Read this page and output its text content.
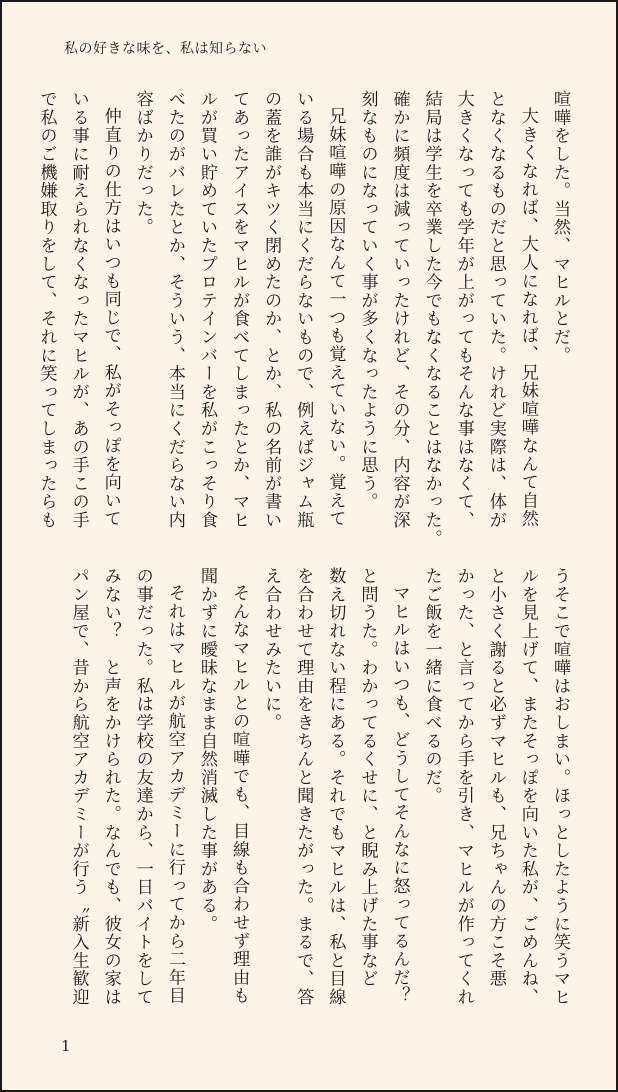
私の好きな味を、私は知らない

喧嘩をした。当然、マヒルとだ。

大きくなれば、大人になれば、兄妹喧嘩なんて自然

となくなるものだと思っていた。けれど実際は、体が

大きくなっても学年が上がってもそんな事はなくて、

結局は学生を卒業した今でもなくなることはなかった。

確かに頻度は減っていったけれど、その分、内容が深

刻なものになっていく事が多くなったように思う。

兄妹喧嘩の原因なんて一つも覚えていない。覚えて

いる場合も本当にくだらないもので、例えばジャム瓶

の蓋を誰がキツく閉めたのか、とか、私の名前が書い

てあったアイスをマヒルが食べてしまったとか、マヒ

ルが買い貯めていたプロテインバーを私がこっそり食

べたのがバレたとか、そういう、本当にくだらない内

容ばかりだった。

仲直りの仕方はいつも同じで、私がそっぽを向いて

いる事に耐えられなくなったマヒルが、あの手この手

で私のご機嫌取りをして、それに笑ってしまったらも

うそこで喧嘩はおしまい。ほっとしたように笑うマヒ

ルを見上げて、またそっぽを向いた私が、ごめんね、

と小さく謝ると必ずマヒルも、兄ちゃんの方こそ悪

かった、と言ってから手を引き、マヒルが作ってくれ

たご飯を一緒に食べるのだ。

マヒルはいつも、どうしてそんなに怒ってるんだ？

と問うた。わかってるくせに、と睨み上げた事など

数え切れない程にある。それでもマヒルは、私と目線

を合わせて理由をきちんと聞きたがった。まるで、答

え合わせみたいに。

そんなマヒルとの喧嘩でも、目線も合わせず理由も

聞かずに曖昧なまま自然消滅した事がある。

それはマヒルが航空アカデミーに行ってから二年目

の事だった。私は学校の友達から、一日バイトをして

みない？　と声をかけられた。なんでも、彼女の家は

パン屋で、昔から航空アカデミーが行う〝新入生歓迎

1
